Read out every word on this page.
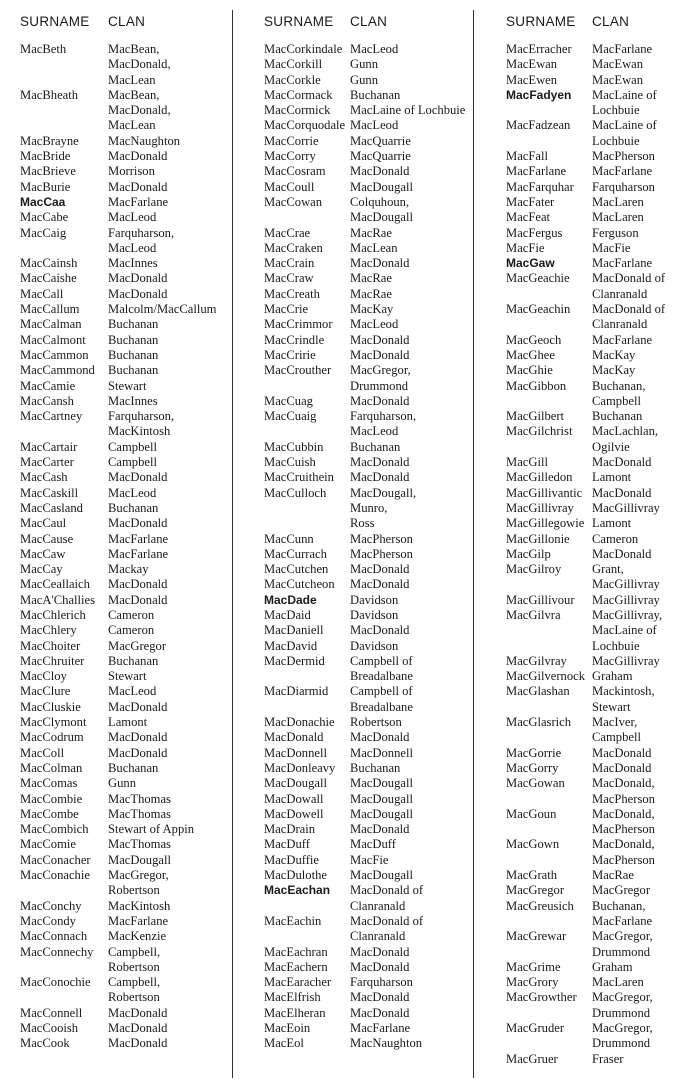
SURNAME	CLAN
MacBeth	MacBean,
MacDonald,
MacLean
MacBheath	MacBean,
MacDonald,
MacLean
MacBrayne	MacNaughton
MacBride	MacDonald
MacBrieve	Morrison
MacBurie	MacDonald
MacCaa	MacFarlane
MacCabe	MacLeod
MacCaig	Farquharson,
MacLeod
MacCainsh	MacInnes
MacCaishe	MacDonald
MacCall	MacDonald
MacCallum	Malcolm/MacCallum
MacCalman	Buchanan
MacCalmont	Buchanan
MacCammon	Buchanan
MacCammond	Buchanan
MacCamie	Stewart
MacCansh	MacInnes
MacCartney	Farquharson,
MacKintosh
MacCartair	Campbell
MacCarter	Campbell
MacCash	MacDonald
MacCaskill	MacLeod
MacCasland	Buchanan
MacCaul	MacDonald
MacCause	MacFarlane
MacCaw	MacFarlane
MacCay	Mackay
MacCeallaich	MacDonald
MacA'Challies	MacDonald
MacChlerich	Cameron
MacChlery	Cameron
MacChoiter	MacGregor
MacChruiter	Buchanan
MacCloy	Stewart
MacClure	MacLeod
MacCluskie	MacDonald
MacClymont	Lamont
MacCodrum	MacDonald
MacColl	MacDonald
MacColman	Buchanan
MacComas	Gunn
MacCombie	MacThomas
MacCombe	MacThomas
MacCombich	Stewart of Appin
MacComie	MacThomas
MacConacher	MacDougall
MacConachie	MacGregor,
Robertson
MacConchy	MacKintosh
MacCondy	MacFarlane
MacConnach	MacKenzie
MacConnechy	Campbell,
Robertson
MacConochie	Campbell,
Robertson
MacConnell	MacDonald
MacCooish	MacDonald
MacCook	MacDonald
SURNAME	CLAN
MacCorkindale MacLeod
MacCorkill	Gunn
MacCorkle	Gunn
MacCormack	Buchanan
MacCormick	MacLaine of Lochbuie
MacCorquodale MacLeod
MacCorrie	MacQuarrie
MacCorry	MacQuarrie
MacCosram	MacDonald
MacCoull	MacDougall
MacCowan	Colquhoun,
MacDougall
MacCrae	MacRae
MacCraken	MacLean
MacCrain	MacDonald
MacCraw	MacRae
MacCreath	MacRae
MacCrie	MacKay
MacCrimmor	MacLeod
MacCrindle	MacDonald
MacCririe	MacDonald
MacCrouther	MacGregor,
Drummond
MacCuag	MacDonald
MacCuaig	Farquharson,
MacLeod
MacCubbin	Buchanan
MacCuish	MacDonald
MacCruithein	MacDonald
MacCulloch	MacDougall,
Munro,
Ross
MacCunn	MacPherson
MacCurrach	MacPherson
MacCutchen	MacDonald
MacCutcheon	MacDonald
MacDade	Davidson
MacDaid	Davidson
MacDaniell	MacDonald
MacDavid	Davidson
MacDermid	Campbell of
Breadalbane
MacDiarmid	Campbell of
Breadalbane
MacDonachie	Robertson
MacDonald	MacDonald
MacDonnell	MacDonnell
MacDonleavy	Buchanan
MacDougall	MacDougall
MacDowall	MacDougall
MacDowell	MacDougall
MacDrain	MacDonald
MacDuff	MacDuff
MacDuffie	MacFie
MacDulothe	MacDougall
MacEachan	MacDonald of
Clanranald
MacEachin	MacDonald of
Clanranald
MacEachran	MacDonald
MacEachern	MacDonald
MacEaracher	Farquharson
MacElfrish	MacDonald
MacElheran	MacDonald
MacEoin	MacFarlane
MacEol	MacNaughton
SURNAME	CLAN
MacErracher	MacFarlane
MacEwan	MacEwan
MacEwen	MacEwan
MacFadyen	MacLaine of
Lochbuie
MacFadzean	MacLaine of
Lochbuie
MacFall	MacPherson
MacFarlane	MacFarlane
MacFarquhar	Farquharson
MacFater	MacLaren
MacFeat	MacLaren
MacFergus	Ferguson
MacFie	MacFie
MacGaw	MacFarlane
MacGeachie	MacDonald of
Clanranald
MacGeachin	MacDonald of
Clanranald
MacGeoch	MacFarlane
MacGhee	MacKay
MacGhie	MacKay
MacGibbon	Buchanan,
Campbell
MacGilbert	Buchanan
MacGilchrist	MacLachlan,
Ogilvie
MacGill	MacDonald
MacGilledon	Lamont
MacGillivantic MacDonald
MacGillivray	MacGillivray
MacGillegowie Lamont
MacGillonie	Cameron
MacGilp	MacDonald
MacGilroy	Grant,
MacGillivray
MacGillivour	MacGillivray
MacGilvra	MacGillivray,
MacLaine of
Lochbuie
MacGilvray	MacGillivray
MacGilvernock Graham
MacGlashan	Mackintosh,
Stewart
MacGlasrich	MacIver,
Campbell
MacGorrie	MacDonald
MacGorry	MacDonald
MacGowan	MacDonald,
MacPherson
MacGoun	MacDonald,
MacPherson
MacGown	MacDonald,
MacPherson
MacGrath	MacRae
MacGregor	MacGregor
MacGreusich	Buchanan,
MacFarlane
MacGrewar	MacGregor,
Drummond
MacGrime	Graham
MacGrory	MacLaren
MacGrowther	MacGregor,
Drummond
MacGruder	MacGregor,
Drummond
MacGruer	Fraser
